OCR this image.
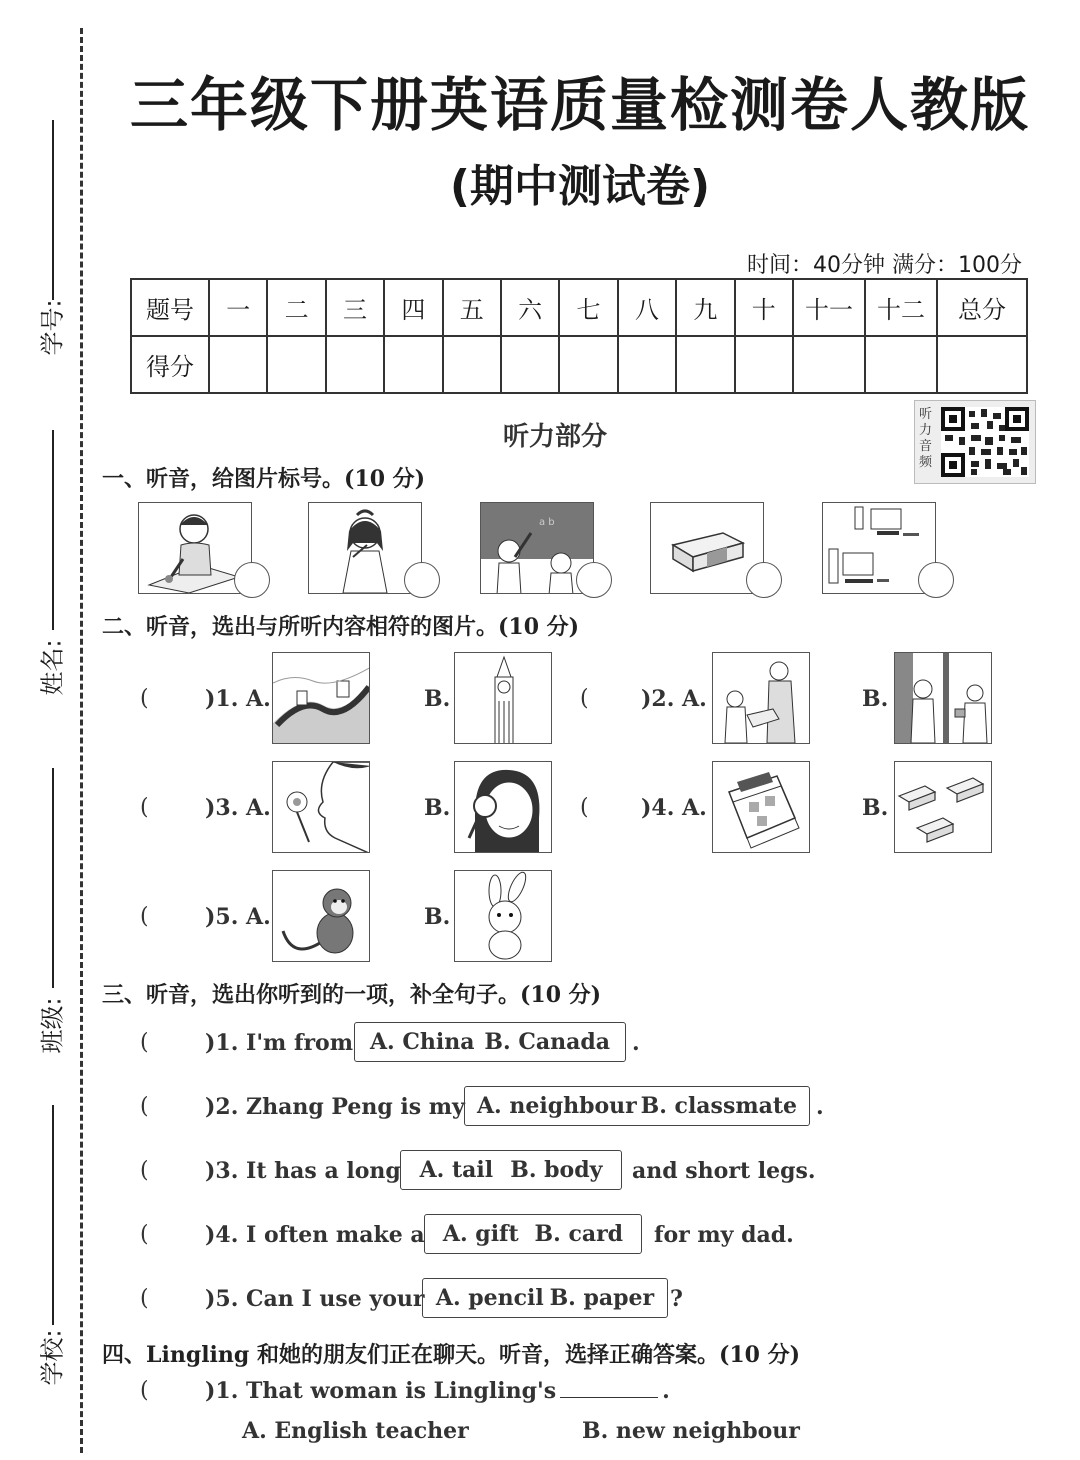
学号:
姓名:
班级:
学校:
三年级下册英语质量检测卷人教版
(期中测试卷)
时间：40分钟 满分：100分
题号	一	二	三	四	五	六	七	八	九	十	十一	十二	总分
得分													
听力部分
听力音频
一、听音，给图片标号。(10 分)
a b
二、听音，选出与所听内容相符的图片。(10 分)
(	)1. A.	B.	( )2. A.	B.
(	)3. A.	B.	( )4. A.	B.
(	)5. A.	B.
三、听音，选出你听到的一项，补全句子。(10 分)
(	)1. I'm from A. China B. Canada .
(	)2. Zhang Peng is my A. neighbour B. classmate .
(	)3. It has a long A. tail B. body and short legs.
(	)4. I often make a A. gift B. card for my dad.
(	)5. Can I use your A. pencil B. paper ?
四、Lingling 和她的朋友们正在聊天。听音，选择正确答案。(10 分)
(	)1. That woman is Lingling's	.
A. English teacher	B. new neighbour
